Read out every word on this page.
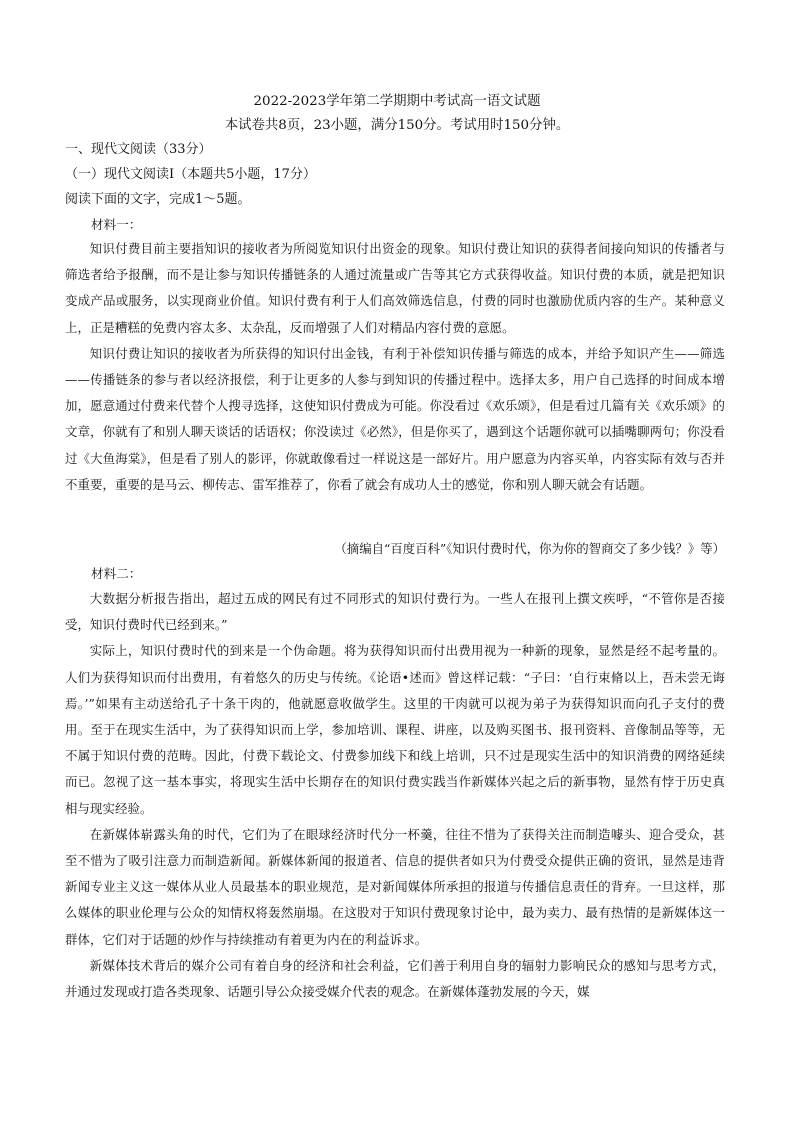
2022-2023学年第二学期期中考试高一语文试题
本试卷共8页，23小题，满分150分。考试用时150分钟。
一、现代文阅读（33分）
（一）现代文阅读Ⅰ（本题共5小题，17分）
阅读下面的文字，完成1～5题。
材料一：

知识付费目前主要指知识的接收者为所阅览知识付出资金的现象。知识付费让知识的获得者间接向知识的传播者与筛选者给予报酬，而不是让参与知识传播链条的人通过流量或广告等其它方式获得收益。知识付费的本质，就是把知识变成产品或服务，以实现商业价值。知识付费有利于人们高效筛选信息，付费的同时也激励优质内容的生产。某种意义上，正是糟糕的免费内容太多、太杂乱，反而增强了人们对精品内容付费的意愿。

知识付费让知识的接收者为所获得的知识付出金钱，有利于补偿知识传播与筛选的成本，并给予知识产生——筛选——传播链条的参与者以经济报偿，利于让更多的人参与到知识的传播过程中。选择太多，用户自己选择的时间成本增加，愿意通过付费来代替个人搜寻选择，这使知识付费成为可能。你没看过《欢乐颂》，但是看过几篇有关《欢乐颂》的文章，你就有了和别人聊天谈话的话语权；你没读过《必然》，但是你买了，遇到这个话题你就可以插嘴聊两句；你没看过《大鱼海棠》，但是看了别人的影评，你就敢像看过一样说这是一部好片。用户愿意为内容买单，内容实际有效与否并不重要，重要的是马云、柳传志、雷军推荐了，你看了就会有成功人士的感觉，你和别人聊天就会有话题。

（摘编自“百度百科”《知识付费时代，你为你的智商交了多少钱？》等）
材料二：

大数据分析报告指出，超过五成的网民有过不同形式的知识付费行为。一些人在报刊上撰文疾呼，“不管你是否接受，知识付费时代已经到来。”

实际上，知识付费时代的到来是一个伪命题。将为获得知识而付出费用视为一种新的现象，显然是经不起考量的。人们为获得知识而付出费用，有着悠久的历史与传统。《论语•述而》曾这样记载：“子曰：‘自行束脩以上，吾未尝无诲焉。’”如果有主动送给孔子十条干肉的，他就愿意收做学生。这里的干肉就可以视为弟子为获得知识而向孔子支付的费用。至于在现实生活中，为了获得知识而上学，参加培训、课程、讲座，以及购买图书、报刊资料、音像制品等等，无不属于知识付费的范畴。因此，付费下载论文、付费参加线下和线上培训，只不过是现实生活中的知识消费的网络延续而已。忽视了这一基本事实，将现实生活中长期存在的知识付费实践当作新媒体兴起之后的新事物，显然有悖于历史真相与现实经验。

在新媒体崭露头角的时代，它们为了在眼球经济时代分一杯羹，往往不惜为了获得关注而制造噱头、迎合受众，甚至不惜为了吸引注意力而制造新闻。新媒体新闻的报道者、信息的提供者如只为付费受众提供正确的资讯，显然是违背新闻专业主义这一媒体从业人员最基本的职业规范，是对新闻媒体所承担的报道与传播信息责任的背弃。一旦这样，那么媒体的职业伦理与公众的知情权将轰然崩塌。在这股对于知识付费现象讨论中，最为卖力、最有热情的是新媒体这一群体，它们对于话题的炒作与持续推动有着更为内在的利益诉求。

新媒体技术背后的媒介公司有着自身的经济和社会利益，它们善于利用自身的辐射力影响民众的感知与思考方式，并通过发现或打造各类现象、话题引导公众接受媒介代表的观念。在新媒体蓬勃发展的今天，媒
